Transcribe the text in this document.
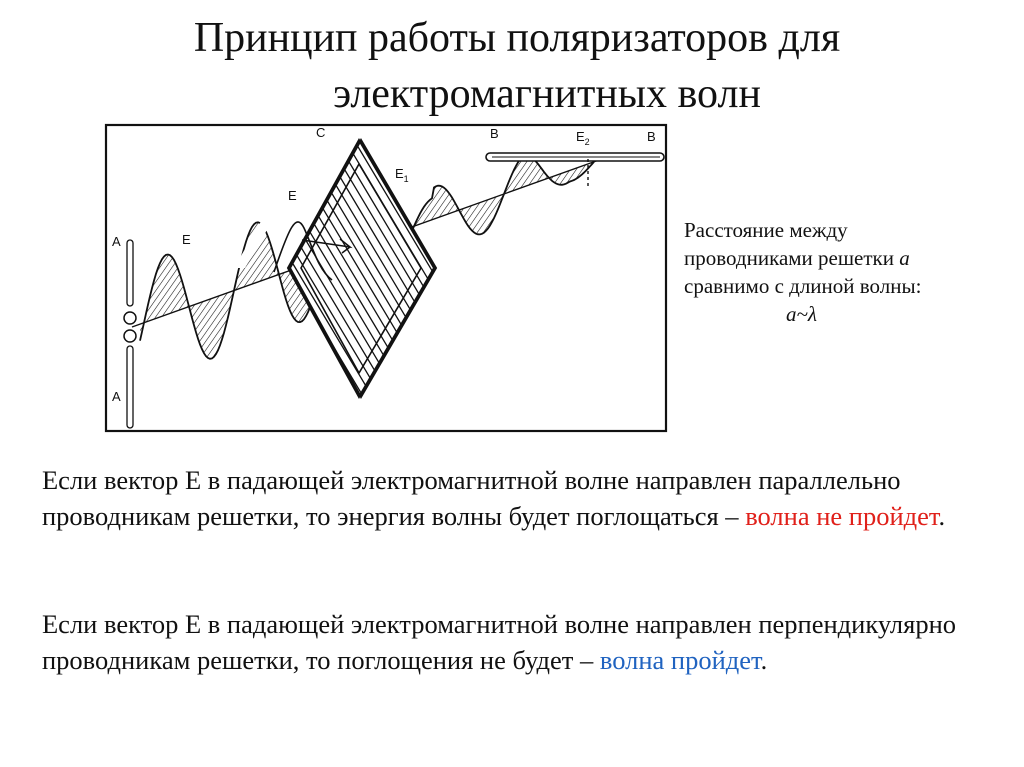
Принцип работы поляризаторов для
электромагнитных волн
A
A
E
E
C
$E_1$
B	$E_2$	B
Расстояние между
проводниками решетки а
сравнимо с длиной волны:
a~λ
Если вектор Е в падающей электромагнитной волне направлен параллельно проводникам решетки, то энергия волны будет поглощаться – волна не пройдет.
Если вектор Е в падающей электромагнитной волне направлен перпендикулярно проводникам решетки, то поглощения не будет – волна пройдет.
